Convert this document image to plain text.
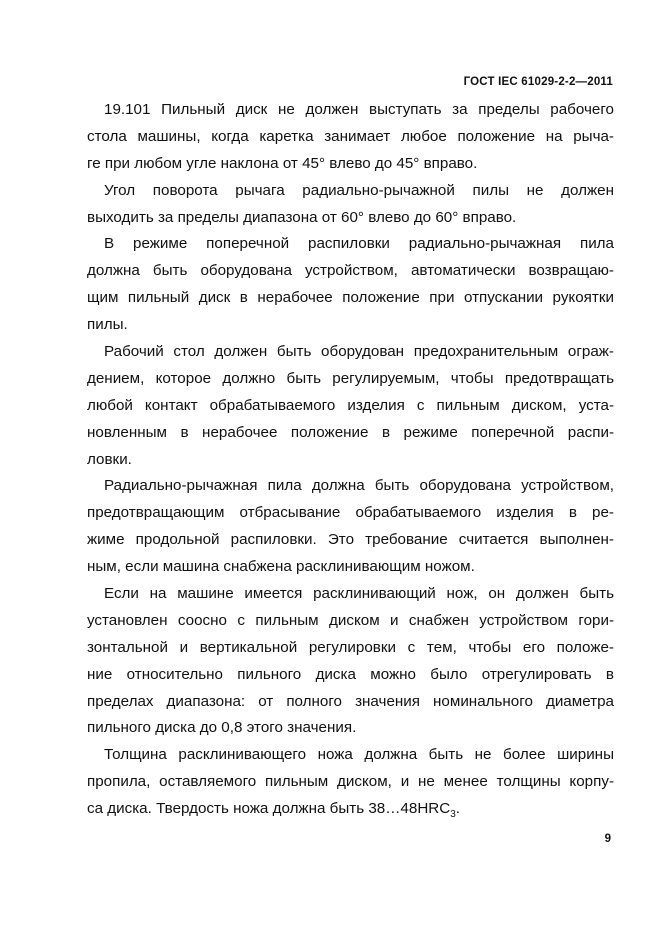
ГОСТ IEC 61029-2-2—2011
19.101 Пильный диск не должен выступать за пределы рабочего
стола машины, когда каретка занимает любое положение на рыча-
ге при любом угле наклона от 45° влево до 45° вправо.
Угол поворота рычага радиально-рычажной пилы не должен
выходить за пределы диапазона от 60° влево до 60° вправо.
В режиме поперечной распиловки радиально-рычажная пила
должна быть оборудована устройством, автоматически возвращаю-
щим пильный диск в нерабочее положение при отпускании рукоятки
пилы.
Рабочий стол должен быть оборудован предохранительным ограж-
дением, которое должно быть регулируемым, чтобы предотвращать
любой контакт обрабатываемого изделия с пильным диском, уста-
новленным в нерабочее положение в режиме поперечной распи-
ловки.
Радиально-рычажная пила должна быть оборудована устройством,
предотвращающим отбрасывание обрабатываемого изделия в ре-
жиме продольной распиловки. Это требование считается выполнен-
ным, если машина снабжена расклинивающим ножом.
Если на машине имеется расклинивающий нож, он должен быть
установлен соосно с пильным диском и снабжен устройством гори-
зонтальной и вертикальной регулировки с тем, чтобы его положе-
ние относительно пильного диска можно было отрегулировать в
пределах диапазона: от полного значения номинального диаметра
пильного диска до 0,8 этого значения.
Толщина расклинивающего ножа должна быть не более ширины
пропила, оставляемого пильным диском, и не менее толщины корпу-
са диска. Твердость ножа должна быть $38\dots 48HRC_3$.
9
